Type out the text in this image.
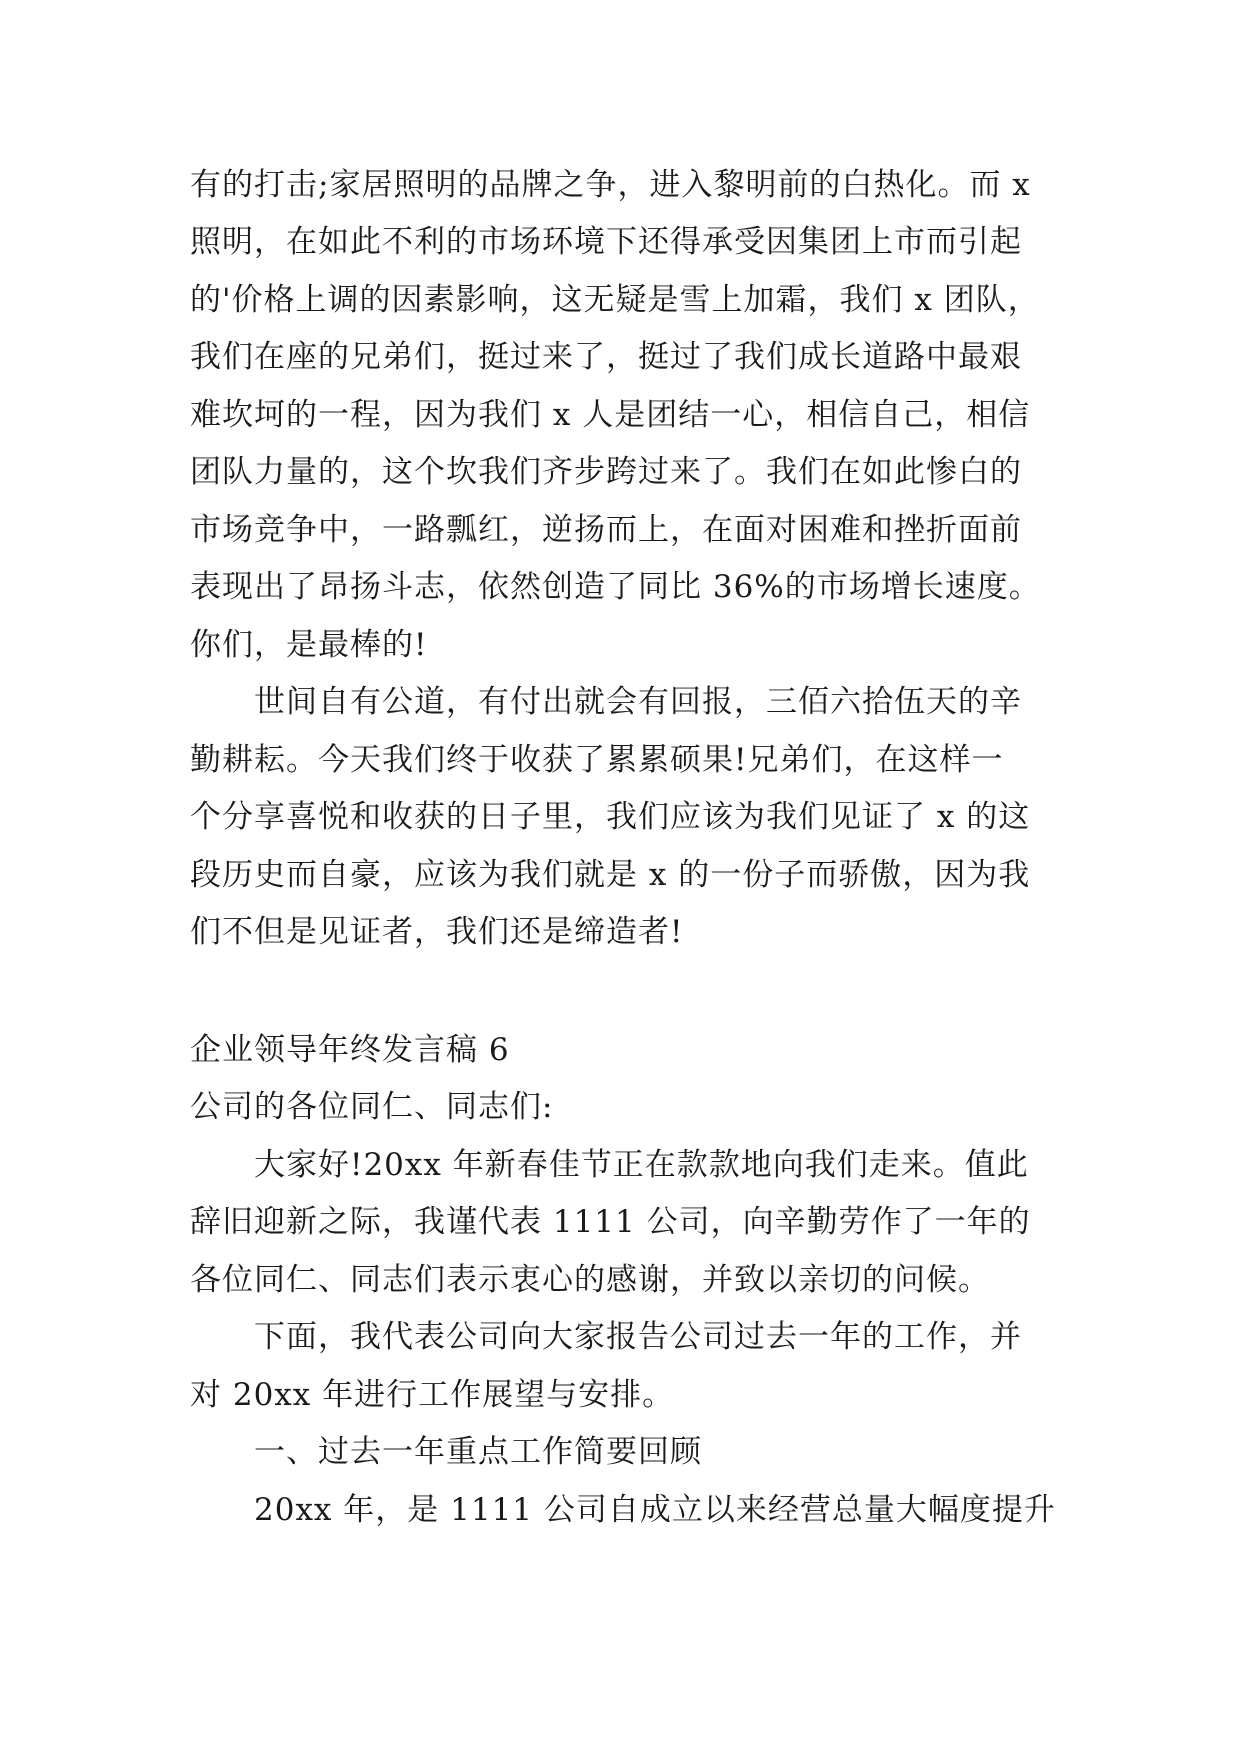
有的打击;家居照明的品牌之争，进入黎明前的白热化。而 x
照明，在如此不利的市场环境下还得承受因集团上市而引起
的'价格上调的因素影响，这无疑是雪上加霜，我们 x 团队，
我们在座的兄弟们，挺过来了，挺过了我们成长道路中最艰
难坎坷的一程，因为我们 x 人是团结一心，相信自己，相信
团队力量的，这个坎我们齐步跨过来了。我们在如此惨白的
市场竞争中，一路瓢红，逆扬而上，在面对困难和挫折面前
表现出了昂扬斗志，依然创造了同比 36%的市场增长速度。
你们，是最棒的!
世间自有公道，有付出就会有回报，三佰六拾伍天的辛
勤耕耘。今天我们终于收获了累累硕果!兄弟们，在这样一
个分享喜悦和收获的日子里，我们应该为我们见证了 x 的这
段历史而自豪，应该为我们就是 x 的一份子而骄傲，因为我
们不但是见证者，我们还是缔造者!
企业领导年终发言稿 6
公司的各位同仁、同志们:
大家好!20xx 年新春佳节正在款款地向我们走来。值此
辞旧迎新之际，我谨代表 1111 公司，向辛勤劳作了一年的
各位同仁、同志们表示衷心的感谢，并致以亲切的问候。
下面，我代表公司向大家报告公司过去一年的工作，并
对 20xx 年进行工作展望与安排。
一、过去一年重点工作简要回顾
20xx 年，是 1111 公司自成立以来经营总量大幅度提升
